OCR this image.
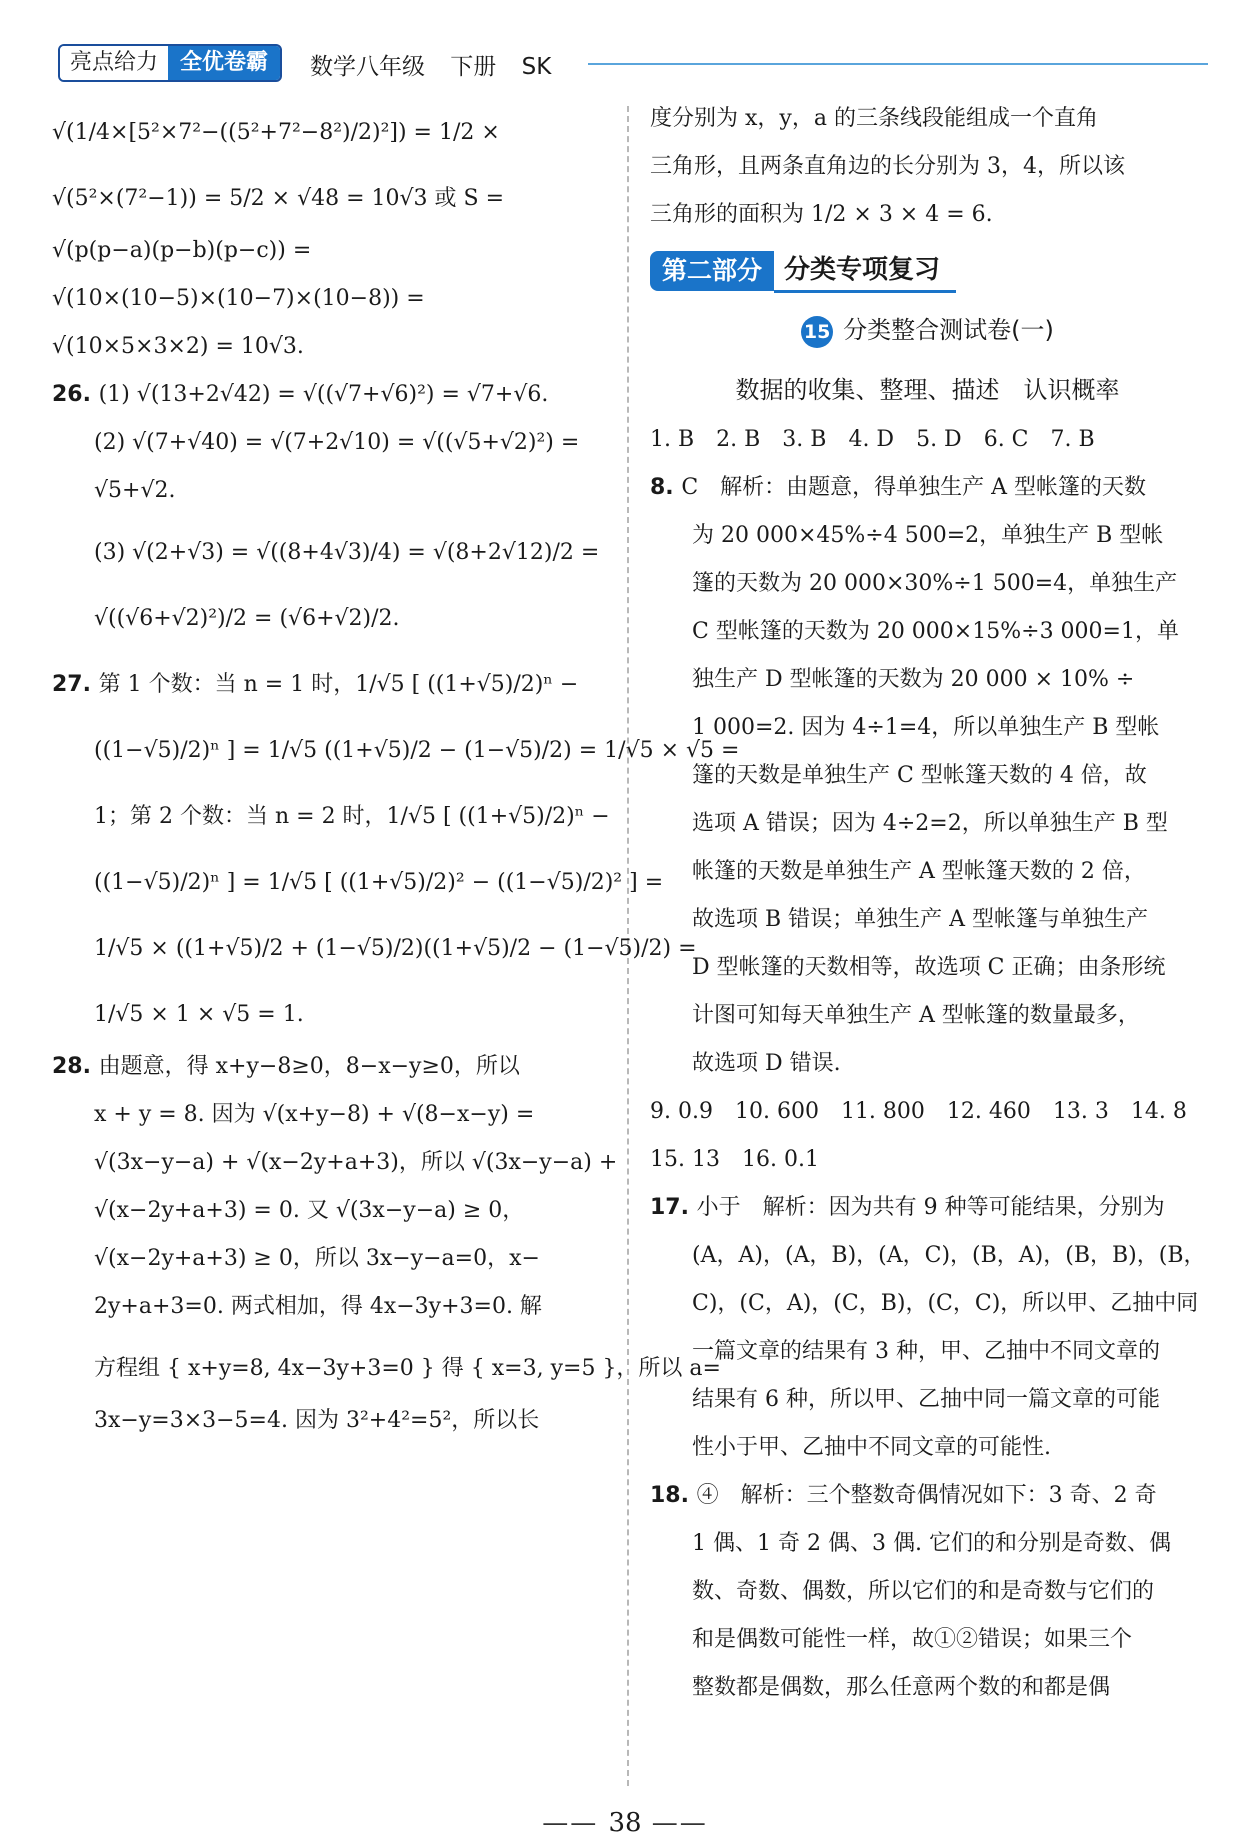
亮点给力	全优卷霸	数学八年级 下册 SK
√(1/4×[5²×7²−((5²+7²−8²)/2)²]) = 1/2 ×
√(5²×(7²−1)) = 5/2 × √48 = 10√3 或 S =
√(p(p−a)(p−b)(p−c)) =
√(10×(10−5)×(10−7)×(10−8)) =
√(10×5×3×2) = 10√3.
26. (1) √(13+2√42) = √((√7+√6)²) = √7+√6.
(2) √(7+√40) = √(7+2√10) = √((√5+√2)²) =
√5+√2.
(3) √(2+√3) = √((8+4√3)/4) = √(8+2√12)/2 =
√((√6+√2)²)/2 = (√6+√2)/2.
27. 第 1 个数：当 n = 1 时，1/√5 [ ((1+√5)/2)ⁿ −
((1−√5)/2)ⁿ ] = 1/√5 ((1+√5)/2 − (1−√5)/2) = 1/√5 × √5 =
1；第 2 个数：当 n = 2 时，1/√5 [ ((1+√5)/2)ⁿ −
((1−√5)/2)ⁿ ] = 1/√5 [ ((1+√5)/2)² − ((1−√5)/2)² ] =
1/√5 × ((1+√5)/2 + (1−√5)/2)((1+√5)/2 − (1−√5)/2) =
1/√5 × 1 × √5 = 1.
28. 由题意，得 x+y−8≥0，8−x−y≥0，所以
x + y = 8. 因为 √(x+y−8) + √(8−x−y) =
√(3x−y−a) + √(x−2y+a+3)，所以 √(3x−y−a) +
√(x−2y+a+3) = 0. 又 √(3x−y−a) ≥ 0，
√(x−2y+a+3) ≥ 0，所以 3x−y−a=0，x−
2y+a+3=0. 两式相加，得 4x−3y+3=0. 解
方程组 { x+y=8, 4x−3y+3=0 } 得 { x=3, y=5 }，所以 a=
3x−y=3×3−5=4. 因为 3²+4²=5²，所以长
度分别为 x，y，a 的三条线段能组成一个直角
三角形，且两条直角边的长分别为 3，4，所以该
三角形的面积为 1/2 × 3 × 4 = 6.
第二部分 分类专项复习
15 分类整合测试卷(一)
数据的收集、整理、描述　认识概率
1. B　2. B　3. B　4. D　5. D　6. C　7. B
8. C　解析：由题意，得单独生产 A 型帐篷的天数
为 20 000×45%÷4 500=2，单独生产 B 型帐
篷的天数为 20 000×30%÷1 500=4，单独生产
C 型帐篷的天数为 20 000×15%÷3 000=1，单
独生产 D 型帐篷的天数为 20 000 × 10% ÷
1 000=2. 因为 4÷1=4，所以单独生产 B 型帐
篷的天数是单独生产 C 型帐篷天数的 4 倍，故
选项 A 错误；因为 4÷2=2，所以单独生产 B 型
帐篷的天数是单独生产 A 型帐篷天数的 2 倍，
故选项 B 错误；单独生产 A 型帐篷与单独生产
D 型帐篷的天数相等，故选项 C 正确；由条形统
计图可知每天单独生产 A 型帐篷的数量最多，
故选项 D 错误.
9. 0.9　10. 600　11. 800　12. 460　13. 3　14. 8
15. 13　16. 0.1
17. 小于　解析：因为共有 9 种等可能结果，分别为
(A，A)，(A，B)，(A，C)，(B，A)，(B，B)，(B，
C)，(C，A)，(C，B)，(C，C)，所以甲、乙抽中同
一篇文章的结果有 3 种，甲、乙抽中不同文章的
结果有 6 种，所以甲、乙抽中同一篇文章的可能
性小于甲、乙抽中不同文章的可能性.
18. ④　解析：三个整数奇偶情况如下：3 奇、2 奇
1 偶、1 奇 2 偶、3 偶. 它们的和分别是奇数、偶
数、奇数、偶数，所以它们的和是奇数与它们的
和是偶数可能性一样，故①②错误；如果三个
整数都是偶数，那么任意两个数的和都是偶
—— 38 ——
